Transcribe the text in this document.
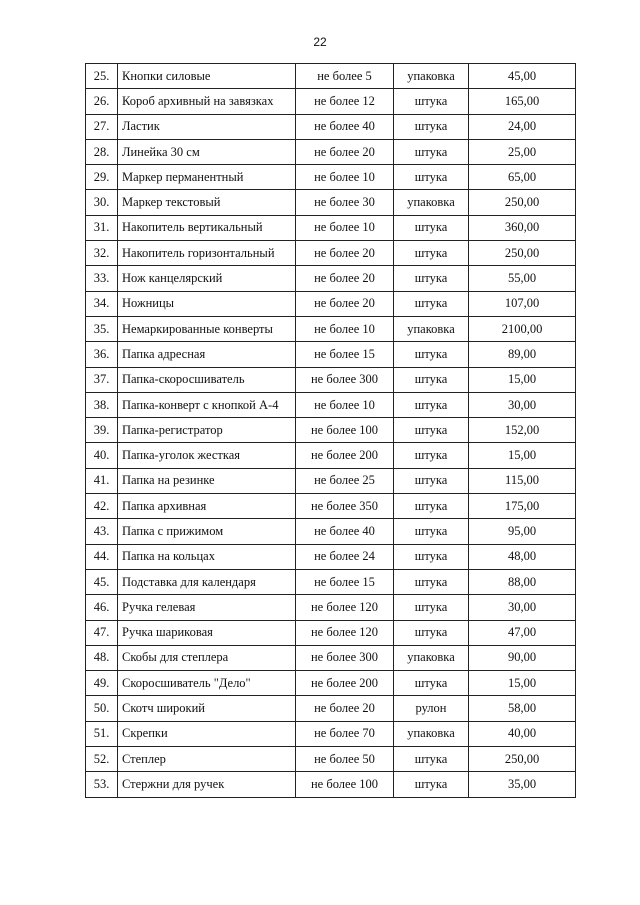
22
25.	Кнопки силовые	не более 5	упаковка	45,00
26.	Короб архивный на завязках	не более 12	штука	165,00
27.	Ластик	не более 40	штука	24,00
28.	Линейка 30 см	не более 20	штука	25,00
29.	Маркер перманентный	не более 10	штука	65,00
30.	Маркер текстовый	не более 30	упаковка	250,00
31.	Накопитель вертикальный	не более 10	штука	360,00
32.	Накопитель горизонтальный	не более 20	штука	250,00
33.	Нож канцелярский	не более 20	штука	55,00
34.	Ножницы	не более 20	штука	107,00
35.	Немаркированные конверты	не более 10	упаковка	2100,00
36.	Папка адресная	не более 15	штука	89,00
37.	Папка-скоросшиватель	не более 300	штука	15,00
38.	Папка-конверт с кнопкой А-4	не более 10	штука	30,00
39.	Папка-регистратор	не более 100	штука	152,00
40.	Папка-уголок жесткая	не более 200	штука	15,00
41.	Папка на резинке	не более 25	штука	115,00
42.	Папка архивная	не более 350	штука	175,00
43.	Папка с прижимом	не более 40	штука	95,00
44.	Папка на кольцах	не более 24	штука	48,00
45.	Подставка для календаря	не более 15	штука	88,00
46.	Ручка гелевая	не более 120	штука	30,00
47.	Ручка шариковая	не более 120	штука	47,00
48.	Скобы для степлера	не более 300	упаковка	90,00
49.	Скоросшиватель "Дело"	не более 200	штука	15,00
50.	Скотч широкий	не более 20	рулон	58,00
51.	Скрепки	не более 70	упаковка	40,00
52.	Степлер	не более 50	штука	250,00
53.	Стержни для ручек	не более 100	штука	35,00
